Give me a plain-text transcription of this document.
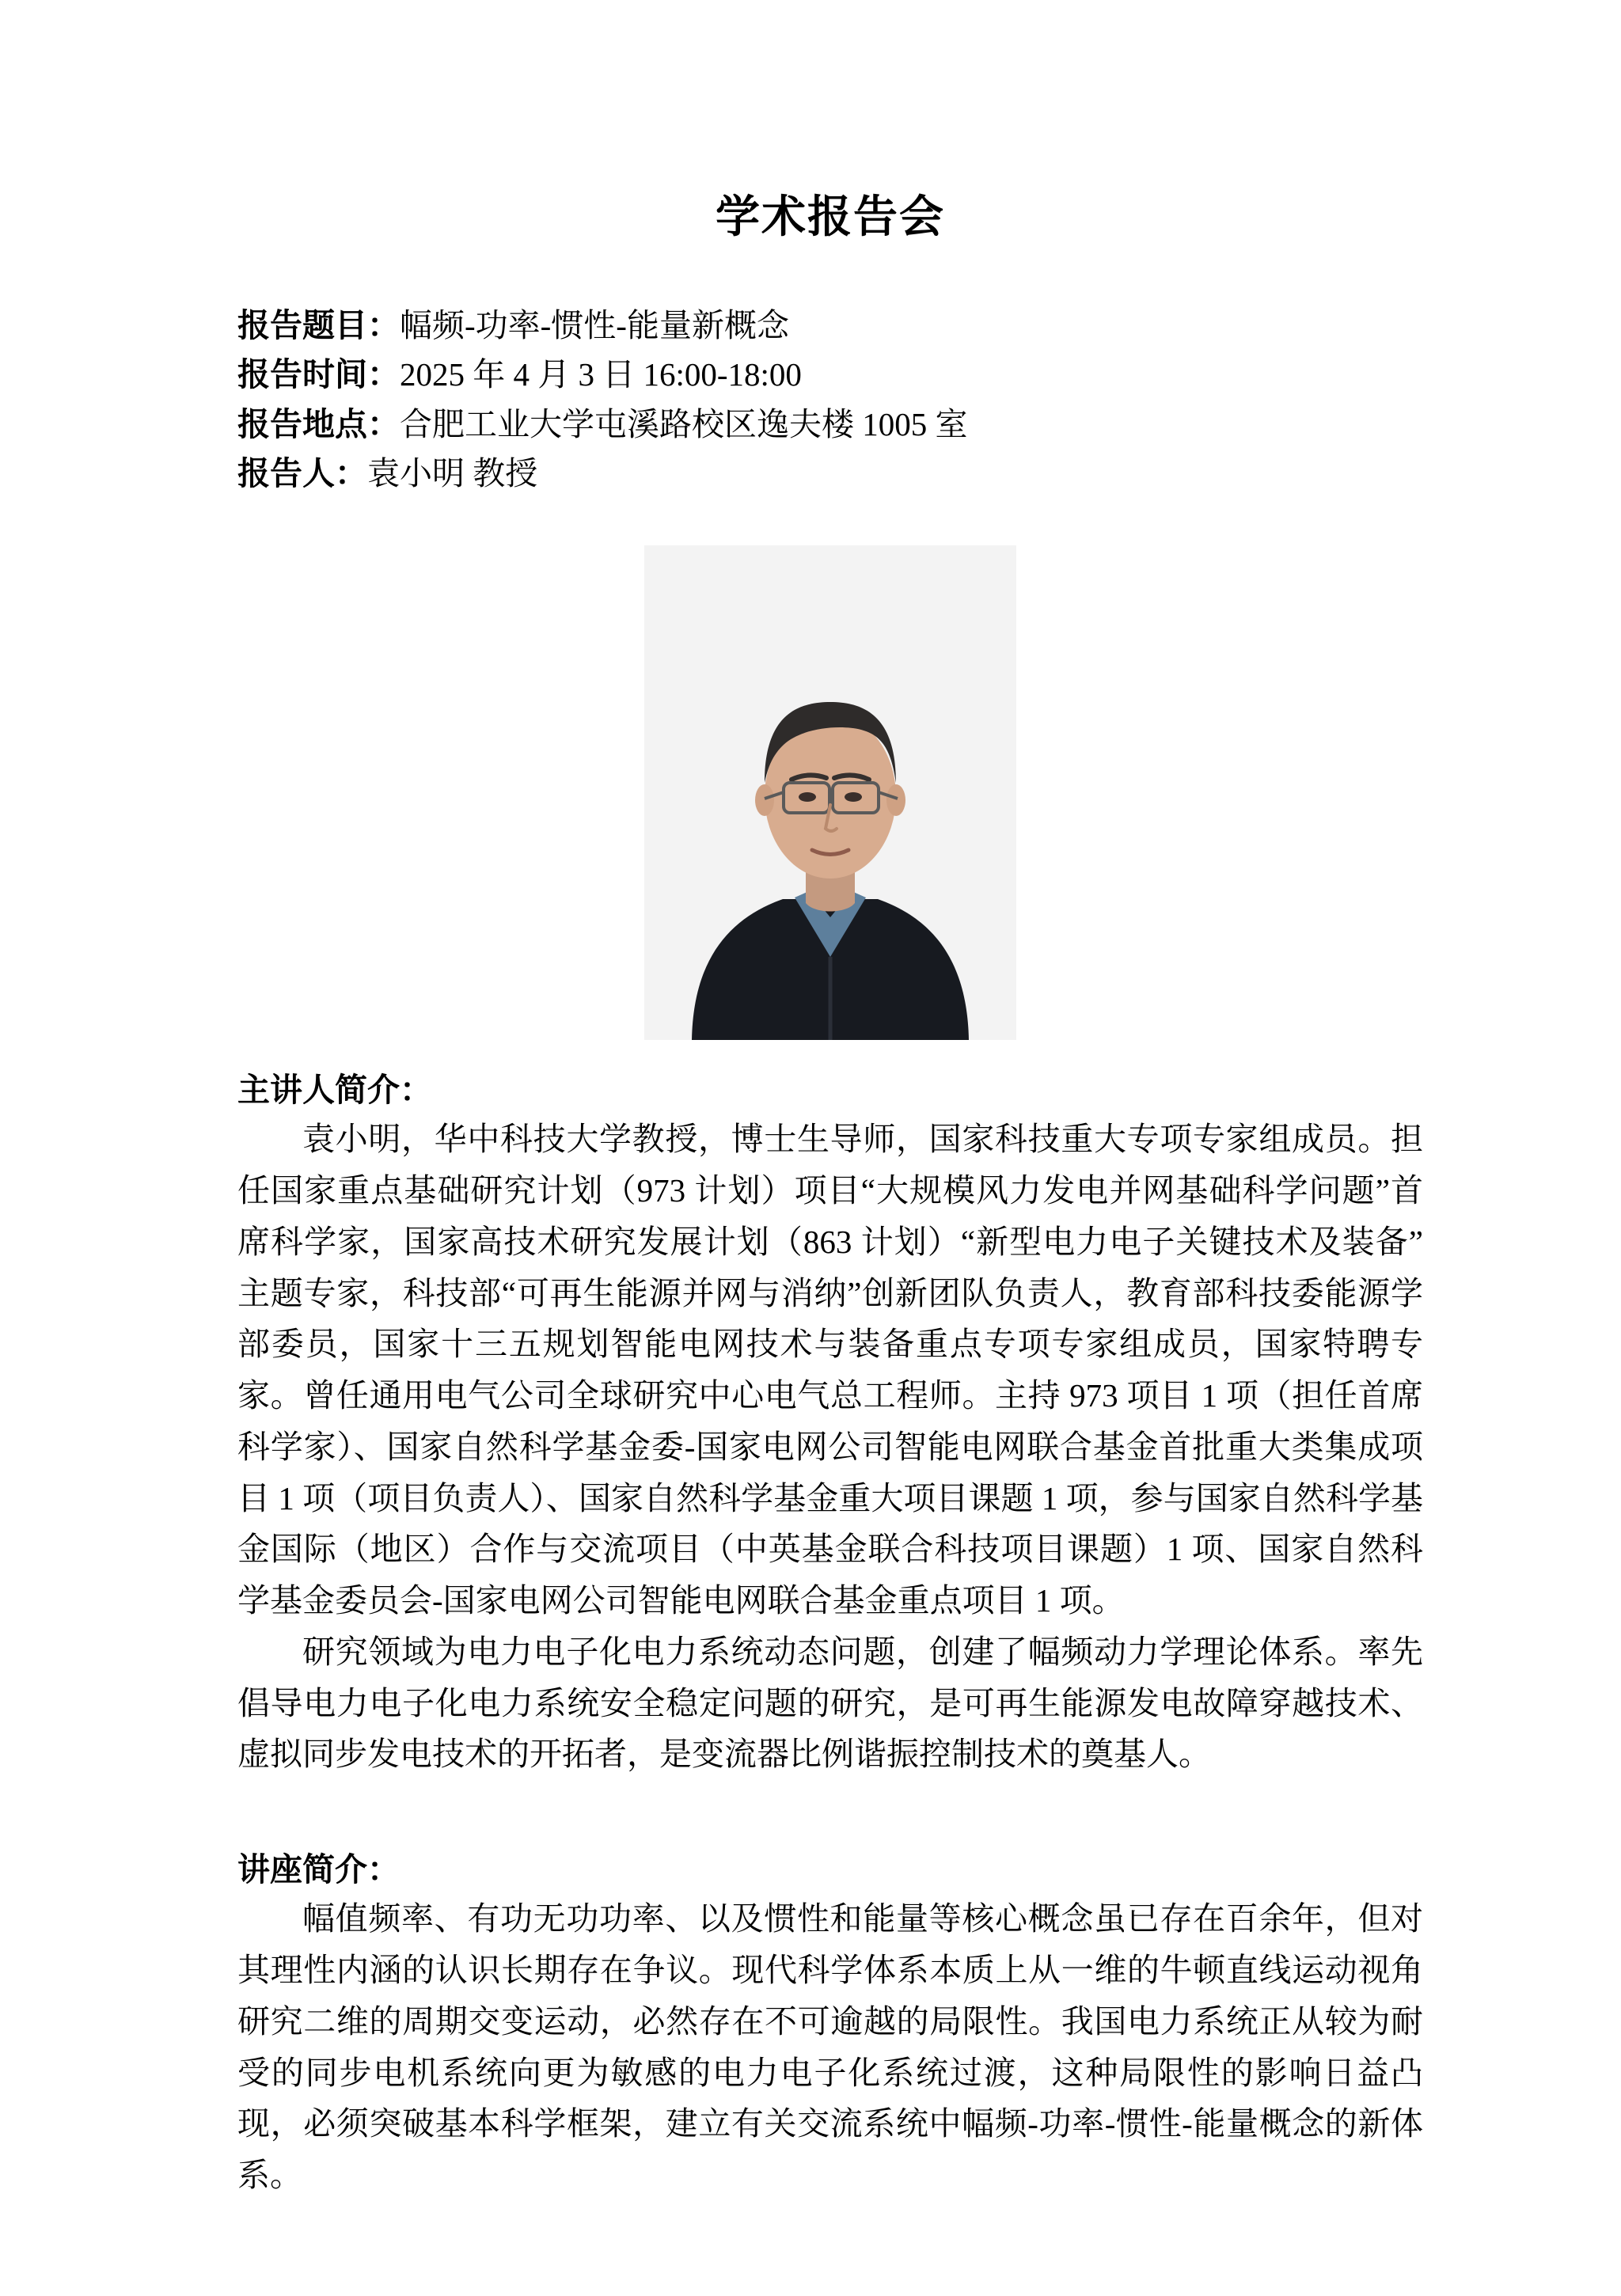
学术报告会
报告题目：幅频-功率-惯性-能量新概念
报告时间：2025 年 4 月 3 日 16:00-18:00
报告地点：合肥工业大学屯溪路校区逸夫楼 1005 室
报告人：袁小明 教授
主讲人简介：

袁小明，华中科技大学教授，博士生导师，国家科技重大专项专家组成员。担任国家重点基础研究计划（973 计划）项目“大规模风力发电并网基础科学问题”首席科学家，国家高技术研究发展计划（863 计划）“新型电力电子关键技术及装备”主题专家，科技部“可再生能源并网与消纳”创新团队负责人，教育部科技委能源学部委员，国家十三五规划智能电网技术与装备重点专项专家组成员，国家特聘专家。曾任通用电气公司全球研究中心电气总工程师。主持 973 项目 1 项（担任首席科学家）、国家自然科学基金委-国家电网公司智能电网联合基金首批重大类集成项目 1 项（项目负责人）、国家自然科学基金重大项目课题 1 项，参与国家自然科学基金国际（地区）合作与交流项目（中英基金联合科技项目课题）1 项、国家自然科学基金委员会-国家电网公司智能电网联合基金重点项目 1 项。

研究领域为电力电子化电力系统动态问题，创建了幅频动力学理论体系。率先倡导电力电子化电力系统安全稳定问题的研究，是可再生能源发电故障穿越技术、虚拟同步发电技术的开拓者，是变流器比例谐振控制技术的奠基人。

讲座简介：

幅值频率、有功无功功率、以及惯性和能量等核心概念虽已存在百余年，但对其理性内涵的认识长期存在争议。现代科学体系本质上从一维的牛顿直线运动视角研究二维的周期交变运动，必然存在不可逾越的局限性。我国电力系统正从较为耐受的同步电机系统向更为敏感的电力电子化系统过渡，这种局限性的影响日益凸现，必须突破基本科学框架，建立有关交流系统中幅频-功率-惯性-能量概念的新体系。
